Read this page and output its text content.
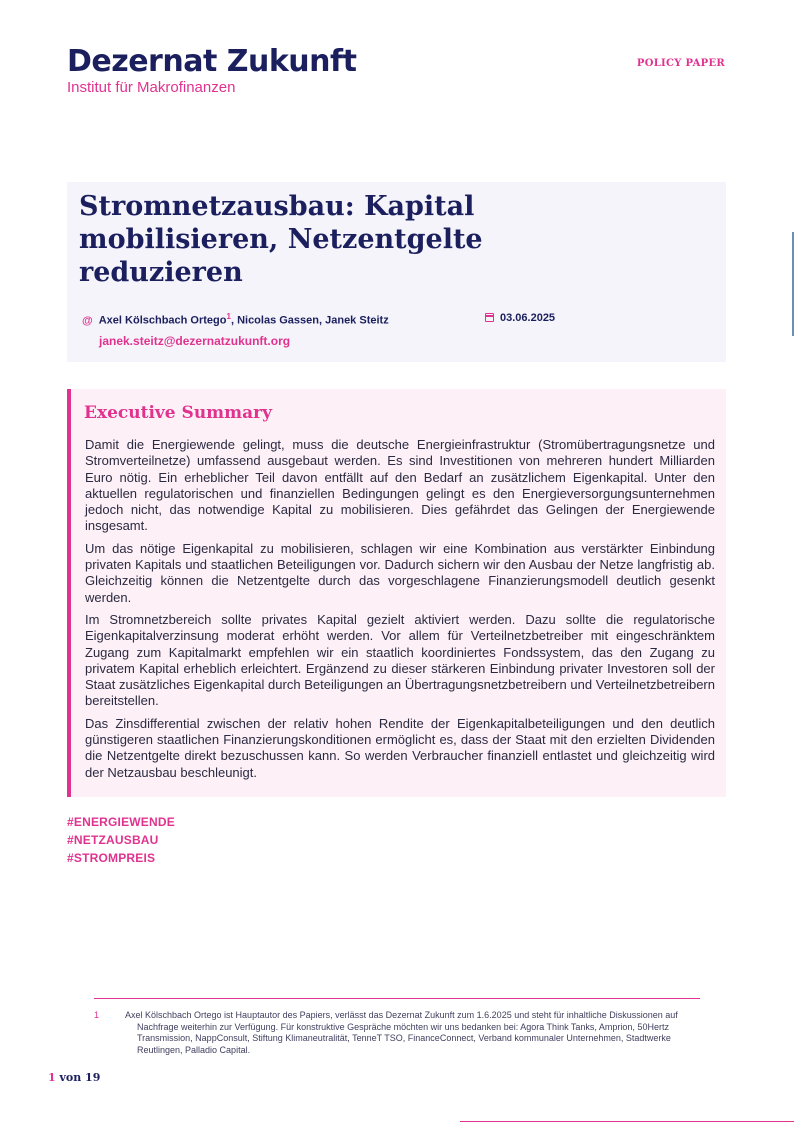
Dezernat Zukunft
Institut für Makrofinanzen
POLICY PAPER
Stromnetzausbau: Kapital mobilisieren, Netzentgelte reduzieren
@ Axel Kölschbach Ortego$^1$, Nicolas Gassen, Janek Steitz
janek.steitz@dezernatzukunft.org
03.06.2025
Executive Summary

Damit die Energiewende gelingt, muss die deutsche Energieinfrastruktur (Stromübertragungsnetze und Stromverteilnetze) umfassend ausgebaut werden. Es sind Investitionen von mehreren hundert Milliarden Euro nötig. Ein erheblicher Teil davon entfällt auf den Bedarf an zusätzlichem Eigenkapital. Unter den aktuellen regulatorischen und finanziellen Bedingungen gelingt es den Energieversorgungsunternehmen jedoch nicht, das notwendige Kapital zu mobilisieren. Dies gefährdet das Gelingen der Energiewende insgesamt.

Um das nötige Eigenkapital zu mobilisieren, schlagen wir eine Kombination aus verstärkter Einbindung privaten Kapitals und staatlichen Beteiligungen vor. Dadurch sichern wir den Ausbau der Netze langfristig ab. Gleichzeitig können die Netzentgelte durch das vorgeschlagene Finanzierungsmodell deutlich gesenkt werden.

Im Stromnetzbereich sollte privates Kapital gezielt aktiviert werden. Dazu sollte die regulatorische Eigenkapitalverzinsung moderat erhöht werden. Vor allem für Verteilnetzbetreiber mit eingeschränktem Zugang zum Kapitalmarkt empfehlen wir ein staatlich koordiniertes Fondssystem, das den Zugang zu privatem Kapital erheblich erleichtert. Ergänzend zu dieser stärkeren Einbindung privater Investoren soll der Staat zusätzliches Eigenkapital durch Beteiligungen an Übertragungsnetzbetreibern und Verteilnetzbetreibern bereitstellen.

Das Zinsdifferential zwischen der relativ hohen Rendite der Eigenkapitalbeteiligungen und den deutlich günstigeren staatlichen Finanzierungskonditionen ermöglicht es, dass der Staat mit den erzielten Dividenden die Netzentgelte direkt bezuschussen kann. So werden Verbraucher finanziell entlastet und gleichzeitig wird der Netzausbau beschleunigt.

#ENERGIEWENDE
#NETZAUSBAU
#STROMPREIS
1	Axel Kölschbach Ortego ist Hauptautor des Papiers, verlässt das Dezernat Zukunft zum 1.6.2025 und steht für inhaltliche Diskussionen auf Nachfrage weiterhin zur Verfügung. Für konstruktive Gespräche möchten wir uns bedanken bei: Agora Think Tanks, Amprion, 50Hertz Transmission, NappConsult, Stiftung Klimaneutralität, TenneT TSO, FinanceConnect, Verband kommunaler Unternehmen, Stadtwerke Reutlingen, Palladio Capital.
1 von 19
